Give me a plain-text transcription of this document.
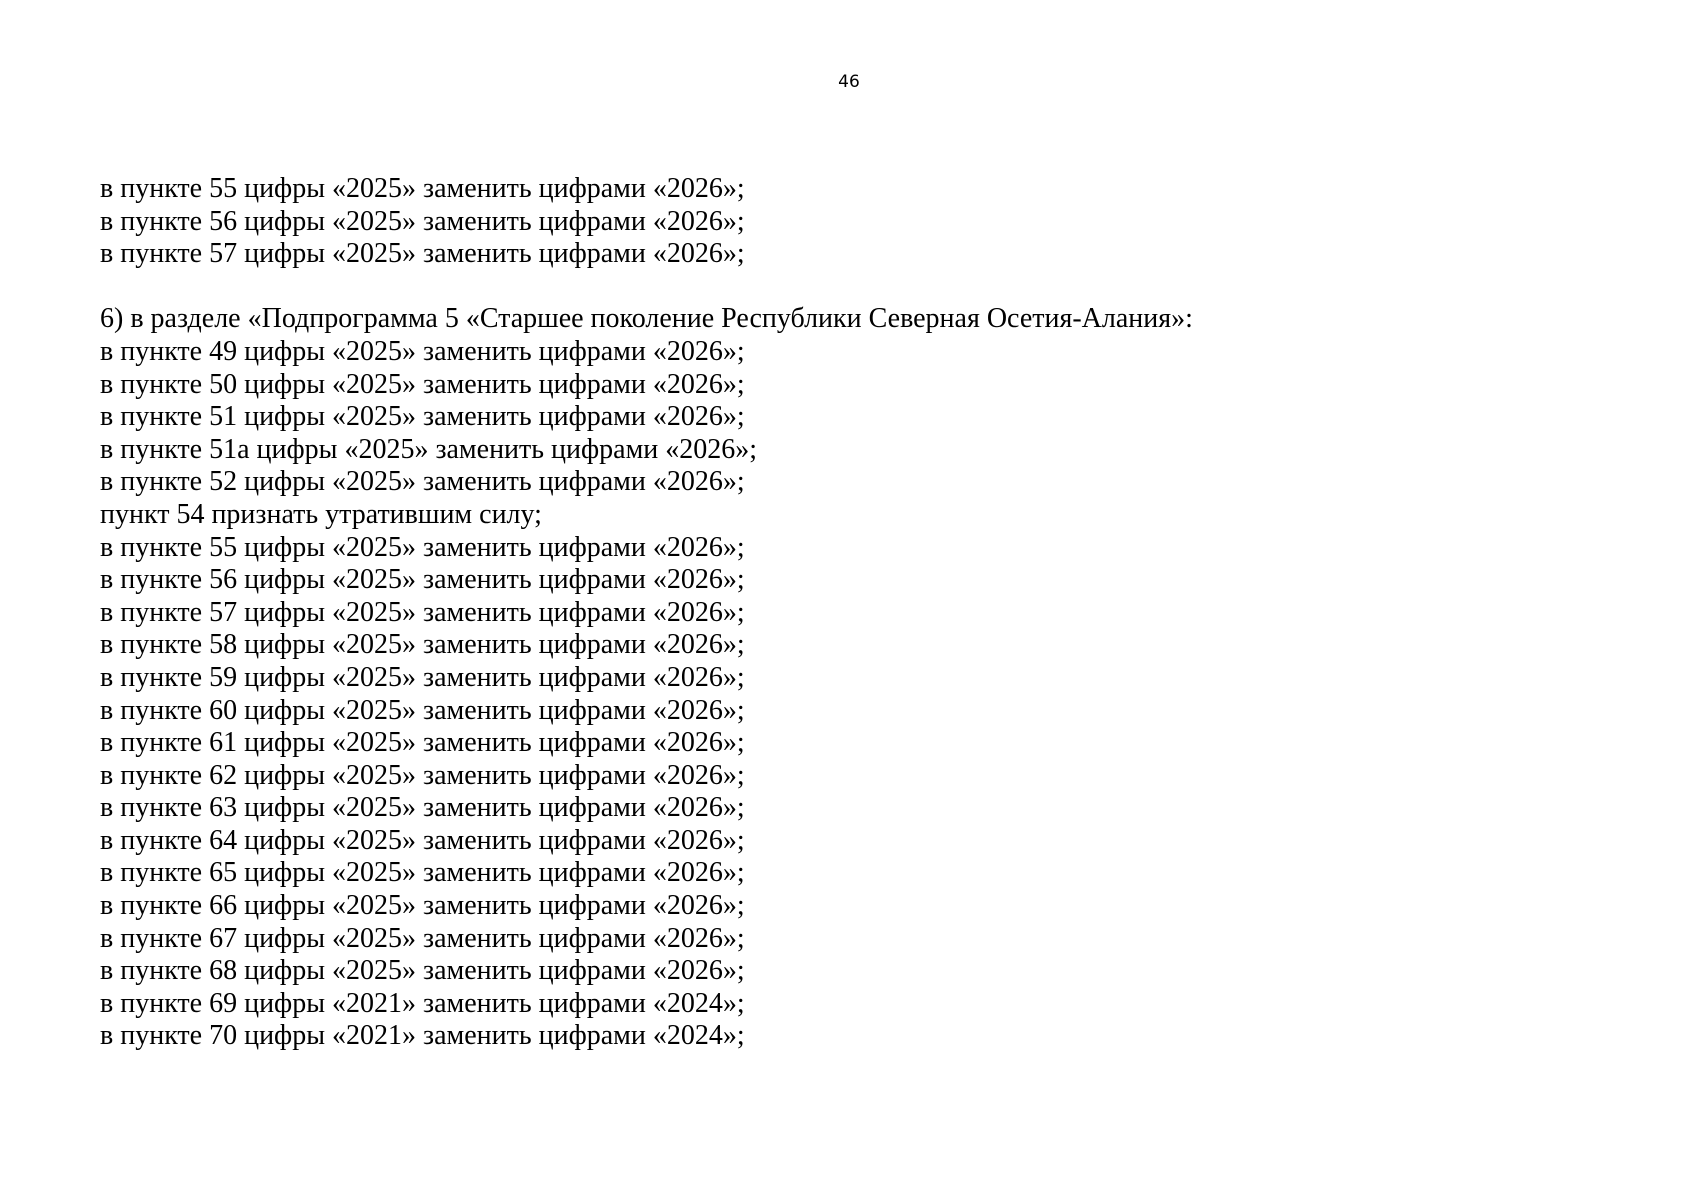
46
в пункте 55 цифры «2025» заменить цифрами «2026»;
в пункте 56 цифры «2025» заменить цифрами «2026»;
в пункте 57 цифры «2025» заменить цифрами «2026»;
6) в разделе «Подпрограмма 5 «Старшее поколение Республики Северная Осетия-Алания»:
в пункте 49 цифры «2025» заменить цифрами «2026»;
в пункте 50 цифры «2025» заменить цифрами «2026»;
в пункте 51 цифры «2025» заменить цифрами «2026»;
в пункте 51а цифры «2025» заменить цифрами «2026»;
в пункте 52 цифры «2025» заменить цифрами «2026»;
пункт 54 признать утратившим силу;
в пункте 55 цифры «2025» заменить цифрами «2026»;
в пункте 56 цифры «2025» заменить цифрами «2026»;
в пункте 57 цифры «2025» заменить цифрами «2026»;
в пункте 58 цифры «2025» заменить цифрами «2026»;
в пункте 59 цифры «2025» заменить цифрами «2026»;
в пункте 60 цифры «2025» заменить цифрами «2026»;
в пункте 61 цифры «2025» заменить цифрами «2026»;
в пункте 62 цифры «2025» заменить цифрами «2026»;
в пункте 63 цифры «2025» заменить цифрами «2026»;
в пункте 64 цифры «2025» заменить цифрами «2026»;
в пункте 65 цифры «2025» заменить цифрами «2026»;
в пункте 66 цифры «2025» заменить цифрами «2026»;
в пункте 67 цифры «2025» заменить цифрами «2026»;
в пункте 68 цифры «2025» заменить цифрами «2026»;
в пункте 69 цифры «2021» заменить цифрами «2024»;
в пункте 70 цифры «2021» заменить цифрами «2024»;
